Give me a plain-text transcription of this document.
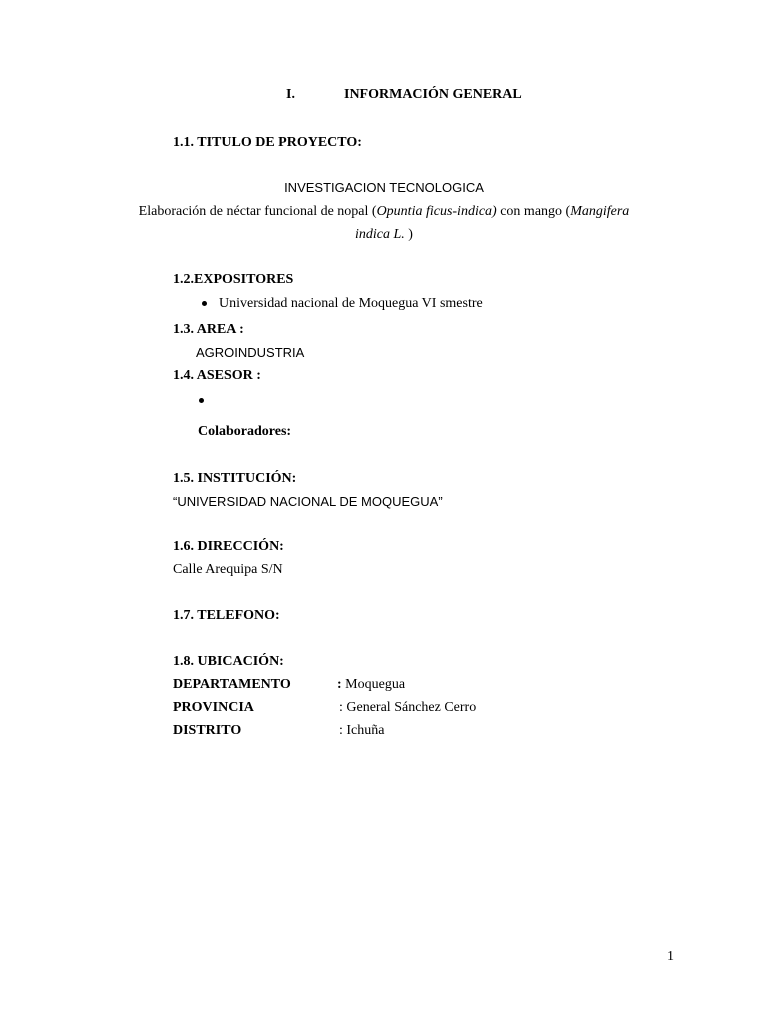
I.	INFORMACIÓN GENERAL
1.1. TITULO DE PROYECTO:
INVESTIGACION TECNOLOGICA
Elaboración de néctar funcional de nopal (Opuntia ficus-indica) con mango (Mangifera
indica L. )
1.2.EXPOSITORES
Universidad nacional de Moquegua VI smestre
1.3. AREA :
AGROINDUSTRIA
1.4. ASESOR :
Colaboradores:
1.5. INSTITUCIÓN:
“UNIVERSIDAD NACIONAL DE MOQUEGUA”
1.6. DIRECCIÓN:
Calle Arequipa S/N
1.7. TELEFONO:
1.8. UBICACIÓN:
DEPARTAMENTO	: Moquegua
PROVINCIA	: General Sánchez Cerro
DISTRITO	: Ichuña
1
